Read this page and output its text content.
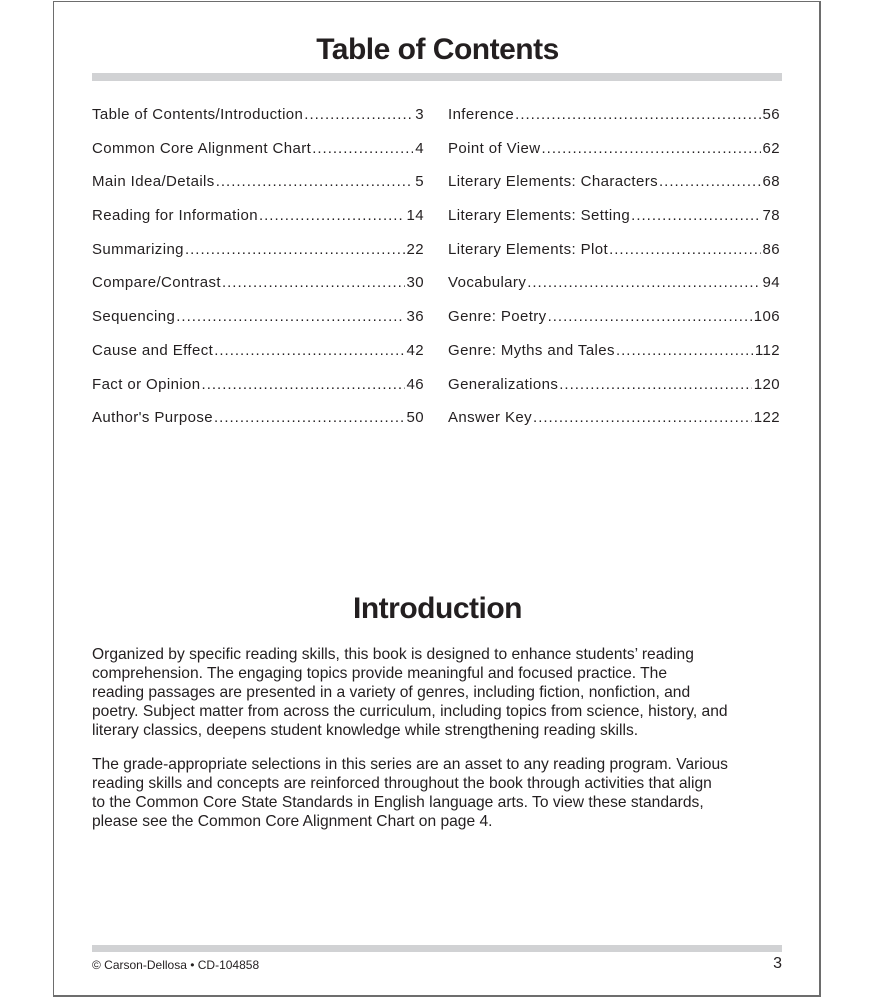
Table of Contents
Table of Contents/Introduction .....	3
Common Core Alignment Chart .....	4
Main Idea/Details .....	5
Reading for Information .....	14
Summarizing .....	22
Compare/Contrast .....	30
Sequencing .....	36
Cause and Effect .....	42
Fact or Opinion .....	46
Author's Purpose .....	50
Inference .....	56
Point of View .....	62
Literary Elements: Characters .....	68
Literary Elements: Setting .....	78
Literary Elements: Plot .....	86
Vocabulary .....	94
Genre: Poetry .....	106
Genre: Myths and Tales .....	112
Generalizations .....	120
Answer Key .....	122
Introduction

Organized by specific reading skills, this book is designed to enhance students’ reading
comprehension. The engaging topics provide meaningful and focused practice. The
reading passages are presented in a variety of genres, including fiction, nonfiction, and
poetry. Subject matter from across the curriculum, including topics from science, history, and
literary classics, deepens student knowledge while strengthening reading skills.

The grade-appropriate selections in this series are an asset to any reading program. Various
reading skills and concepts are reinforced throughout the book through activities that align
to the Common Core State Standards in English language arts. To view these standards,
please see the Common Core Alignment Chart on page 4.

© Carson-Dellosa • CD-104858	3
